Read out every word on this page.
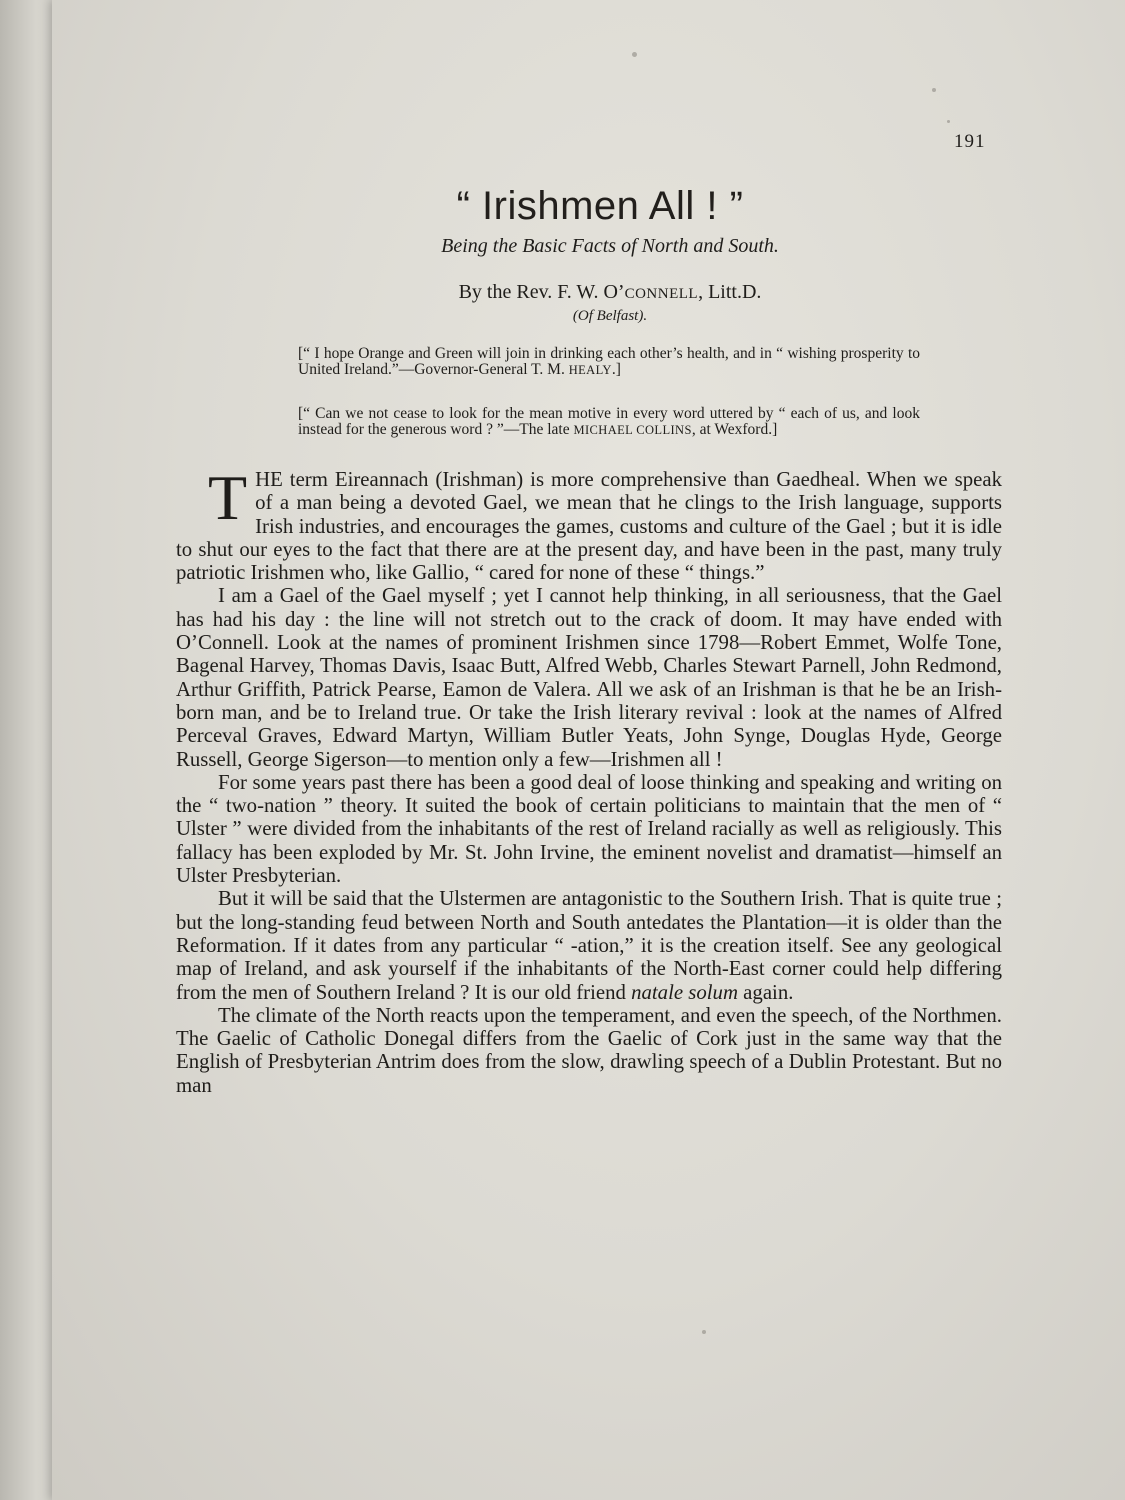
191
“ Irishmen All ! ”
Being the Basic Facts of North and South.
By the Rev. F. W. O’CONNELL, Litt.D.
(Of Belfast).
[“ I hope Orange and Green will join in drinking each other’s health, and in “ wishing prosperity to United Ireland.”—Governor-General T. M. HEALY.]
[“ Can we not cease to look for the mean motive in every word uttered by “ each of us, and look instead for the generous word ? ”—The late MICHAEL COLLINS, at Wexford.]

THE term Eireannach (Irishman) is more comprehensive than Gaedheal. When we speak of a man being a devoted Gael, we mean that he clings to the Irish language, supports Irish industries, and encourages the games, customs and culture of the Gael ; but it is idle to shut our eyes to the fact that there are at the present day, and have been in the past, many truly patriotic Irishmen who, like Gallio, “ cared for none of these “ things.”

I am a Gael of the Gael myself ; yet I cannot help thinking, in all seriousness, that the Gael has had his day : the line will not stretch out to the crack of doom. It may have ended with O’Connell. Look at the names of prominent Irishmen since 1798—Robert Emmet, Wolfe Tone, Bagenal Harvey, Thomas Davis, Isaac Butt, Alfred Webb, Charles Stewart Parnell, John Redmond, Arthur Griffith, Patrick Pearse, Eamon de Valera. All we ask of an Irishman is that he be an Irish-born man, and be to Ireland true. Or take the Irish literary revival : look at the names of Alfred Perceval Graves, Edward Martyn, William Butler Yeats, John Synge, Douglas Hyde, George Russell, George Sigerson—to mention only a few—Irishmen all !

For some years past there has been a good deal of loose thinking and speaking and writing on the “ two-nation ” theory. It suited the book of certain politicians to maintain that the men of “ Ulster ” were divided from the inhabitants of the rest of Ireland racially as well as religiously. This fallacy has been exploded by Mr. St. John Irvine, the eminent novelist and dramatist—himself an Ulster Presbyterian.

But it will be said that the Ulstermen are antagonistic to the Southern Irish. That is quite true ; but the long-standing feud between North and South antedates the Plantation—it is older than the Reformation. If it dates from any particular “ -ation,” it is the creation itself. See any geological map of Ireland, and ask yourself if the inhabitants of the North-East corner could help differing from the men of Southern Ireland ? It is our old friend natale solum again.

The climate of the North reacts upon the temperament, and even the speech, of the Northmen. The Gaelic of Catholic Donegal differs from the Gaelic of Cork just in the same way that the English of Presbyterian Antrim does from the slow, drawling speech of a Dublin Protestant. But no man
